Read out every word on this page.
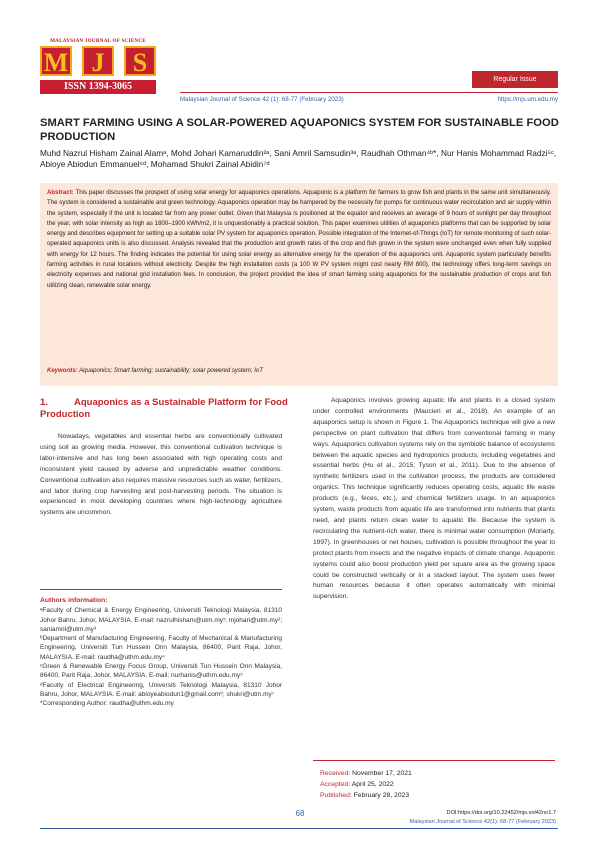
MALAYSIAN JOURNAL OF SCIENCE
M J	S
ISSN 1394-3065
Regular Issue
Malaysian Journal of Science 42 (1): 68-77 (February 2023)	https://mjs.um.edu.my
SMART FARMING USING A SOLAR-POWERED AQUAPONICS SYSTEM FOR SUSTAINABLE FOOD PRODUCTION
Muhd Nazrul Hisham Zainal Alamᵃ, Mohd Johari Kamaruddin²ᵃ, Sani Amril Samsudin³ᵃ, Raudhah Othman⁴ᵇ*, Nur Hanis Mohammad Radzi⁵ᶜ, Abioye Abiodun Emmanuel⁶ᵈ, Mohamad Shukri Zainal Abidin⁷ᵈ
Abstract: This paper discusses the prospect of using solar energy for aquaponics operations. Aquaponic is a platform for farmers to grow fish and plants in the same unit simultaneously. The system is considered a sustainable and green technology. Aquaponics operation may be hampered by the necessity for pumps for continuous water recirculation and air supply within the system, especially if the unit is located far from any power outlet. Given that Malaysia is positioned at the equator and receives an average of 9 hours of sunlight per day throughout the year, with solar intensity as high as 1800–1900 kWh/m2, it is unquestionably a practical solution. This paper examines utilities of aquaponics platforms that can be supported by solar energy and describes equipment for setting up a suitable solar PV system for aquaponics operation. Possible integration of the Internet-of-Things (IoT) for remote monitoring of such solar-operated aquaponics units is also discussed. Analysis revealed that the production and growth rates of the crop and fish grown in the system were unchanged even when fully supplied with energy for 12 hours. The finding indicates the potential for using solar energy as alternative energy for the operation of the aquaponics unit. Aquaponic system particularly benefits farming activities in rural locations without electricity. Despite the high installation costs (a 100 W PV system might cost nearly RM 800), the technology offers long-term savings on electricity expenses and national grid installation fees. In conclusion, the project provided the idea of smart farming using aquaponics for the sustainable production of crops and fish utilizing clean, renewable solar energy.
Keywords: Aquaponics; Smart farming; sustainability; solar powered system; IoT
1.	Aquaponics as a Sustainable Platform for Food Production

Nowadays, vegetables and essential herbs are conventionally cultivated using soil as growing media. However, this conventional cultivation technique is labor-intensive and has long been associated with high operating costs and inconsistent yield caused by adverse and unpredictable weather conditions. Conventional cultivation also requires massive resources such as water, fertilizers, and labor during crop harvesting and post-harvesting periods. The situation is experienced in most developing countries where high-technology agriculture systems are uncommon.

Aquaponics involves growing aquatic life and plants in a closed system under controlled environments (Maucieri et al., 2018). An example of an aquaponics setup is shown in Figure 1. The Aquaponics technique will give a new perspective on plant cultivation that differs from conventional farming in many ways. Aquaponics cultivation systems rely on the symbiotic balance of ecosystems between the aquatic species and hydroponics products, including vegetables and essential herbs (Hu et al., 2015; Tyson et al., 2011). Due to the absence of synthetic fertilizers used in the cultivation process, the products are considered organics. This technique significantly reduces operating costs, aquatic life waste products (e.g., feces, etc.), and chemical fertilizers usage. In an aquaponics system, waste products from aquatic life are transformed into nutrients that plants need, and plants return clean water to aquatic life. Because the system is recirculating the nutrient-rich water, there is minimal water consumption (Moriarty, 1997). In greenhouses or net houses, cultivation is possible throughout the year to protect plants from insects and the negative impacts of climate change. Aquaponic systems could also boost production yield per square area as the growing space could be constructed vertically or in a stacked layout. The system uses fewer human resources because it often operates automatically with minimal supervision.

Authors information:
ᵃFaculty of Chemical & Energy Engineering, Universiti Teknologi Malaysia, 81310 Johor Bahru, Johor, MALAYSIA. E-mail: nazrulhisham@utm.my¹; mjohari@utm.my²; saniamril@utm.my³
ᵇDepartment of Manufacturing Engineering, Faculty of Mechanical & Manufacturing Engineering, Universiti Tun Hussein Onn Malaysia, 86400, Parit Raja, Johor, MALAYSIA. E-mail: raudha@uthm.edu.my⁴
ᶜGreen & Renewable Energy Focus Group, Universiti Tun Hussein Onn Malaysia, 86400, Parit Raja, Johor, MALAYSIA. E-mail: nurhanis@uthm.edu.my⁵
ᵈFaculty of Electrical Engineering, Universiti Teknologi Malaysia, 81310 Johor Bahru, Johor, MALAYSIA. E-mail: abioyeabiodun1@gmail.com⁶; shukri@utm.my⁷
*Corresponding Author: raudha@uthm.edu.my
Received: November 17, 2021
Accepted: April 25, 2022
Published: February 28, 2023
68	DOI:https://doi.org/10.22452/mjs.vol42no1.7
Malaysian Journal of Science 42(1): 68-77 (February 2023)
